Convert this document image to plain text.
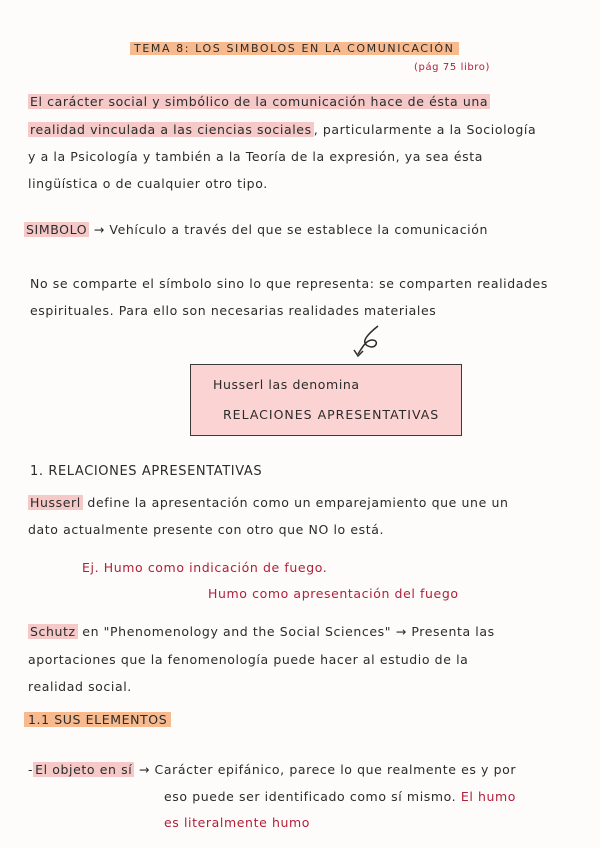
TEMA 8: LOS SIMBOLOS EN LA COMUNICACIÓN
(pág 75 libro)
El carácter social y simbólico de la comunicación hace de ésta una
realidad vinculada a las ciencias sociales , particularmente a la Sociología
y a la Psicología y también a la Teoría de la expresión, ya sea ésta
lingüística o de cualquier otro tipo.
SIMBOLO → Vehículo a través del que se establece la comunicación
No se comparte el símbolo sino lo que representa: se comparten realidades
espirituales. Para ello son necesarias realidades materiales
Husserl las denomina
RELACIONES APRESENTATIVAS
1. RELACIONES APRESENTATIVAS
Husserl define la apresentación como un emparejamiento que une un
dato actualmente presente con otro que NO lo está.
Ej. Humo como indicación de fuego.
Humo como apresentación del fuego
Schutz en "Phenomenology and the Social Sciences" → Presenta las
aportaciones que la fenomenología puede hacer al estudio de la
realidad social.
1.1 SUS ELEMENTOS
- El objeto en sí → Carácter epifánico, parece lo que realmente es y por
eso puede ser identificado como sí mismo. El humo
es literalmente humo
